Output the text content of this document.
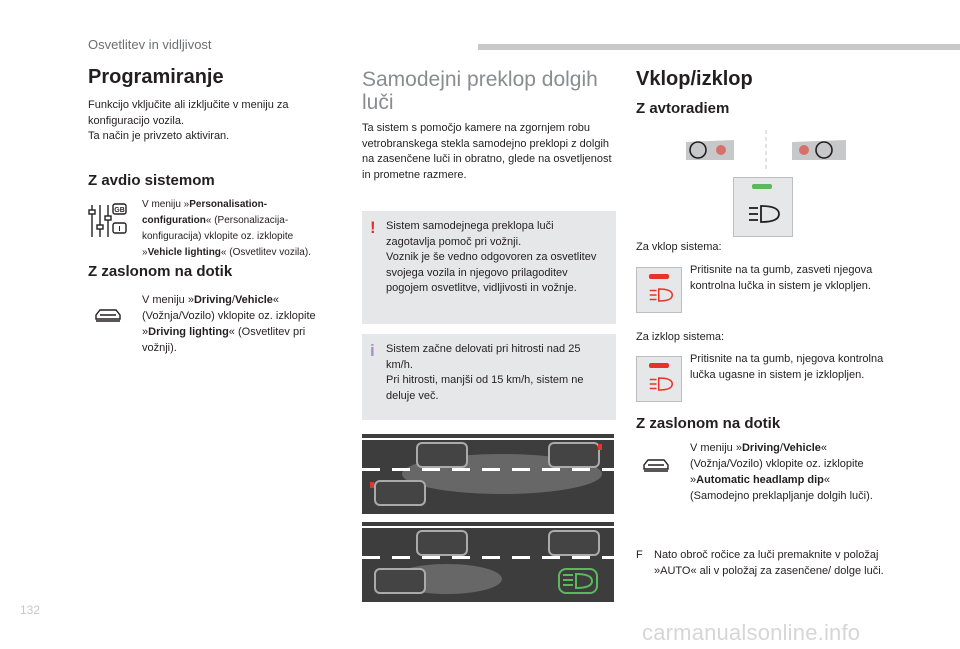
Osvetlitev in vidljivost
Programiranje
Funkcijo vključite ali izključite v meniju za konfiguracijo vozila.
Ta način je privzeto aktiviran.
Z avdio sistemom
GB
I
V meniju »Personalisation-configuration« (Personalizacija-konfiguracija) vklopite oz. izklopite »Vehicle lighting« (Osvetlitev vozila).
Z zaslonom na dotik
V meniju »Driving/Vehicle« (Vožnja/Vozilo) vklopite oz. izklopite »Driving lighting« (Osvetlitev pri vožnji).
Samodejni preklop dolgih
luči
Ta sistem s pomočjo kamere na zgornjem robu vetrobranskega stekla samodejno preklopi z dolgih na zasenčene luči in obratno, glede na osvetljenost in prometne razmere.
! Sistem samodejnega preklopa luči zagotavlja pomoč pri vožnji.
Voznik je še vedno odgovoren za osvetlitev svojega vozila in njegovo prilagoditev pogojem osvetlitve, vidljivosti in vožnje.
i Sistem začne delovati pri hitrosti nad 25 km/h.
Pri hitrosti, manjši od 15 km/h, sistem ne deluje več.
Vklop/izklop
Z avtoradiem
Za vklop sistema:
Pritisnite na ta gumb, zasveti njegova kontrolna lučka in sistem je vklopljen.
Za izklop sistema:
Pritisnite na ta gumb, njegova kontrolna lučka ugasne in sistem je izklopljen.
Z zaslonom na dotik
V meniju »Driving/Vehicle« (Vožnja/Vozilo) vklopite oz. izklopite »Automatic headlamp dip« (Samodejno preklapljanje dolgih luči).
F Nato obroč ročice za luči premaknite v položaj »AUTO« ali v položaj za zasenčene/ dolge luči.
132
carmanualsonline.info
